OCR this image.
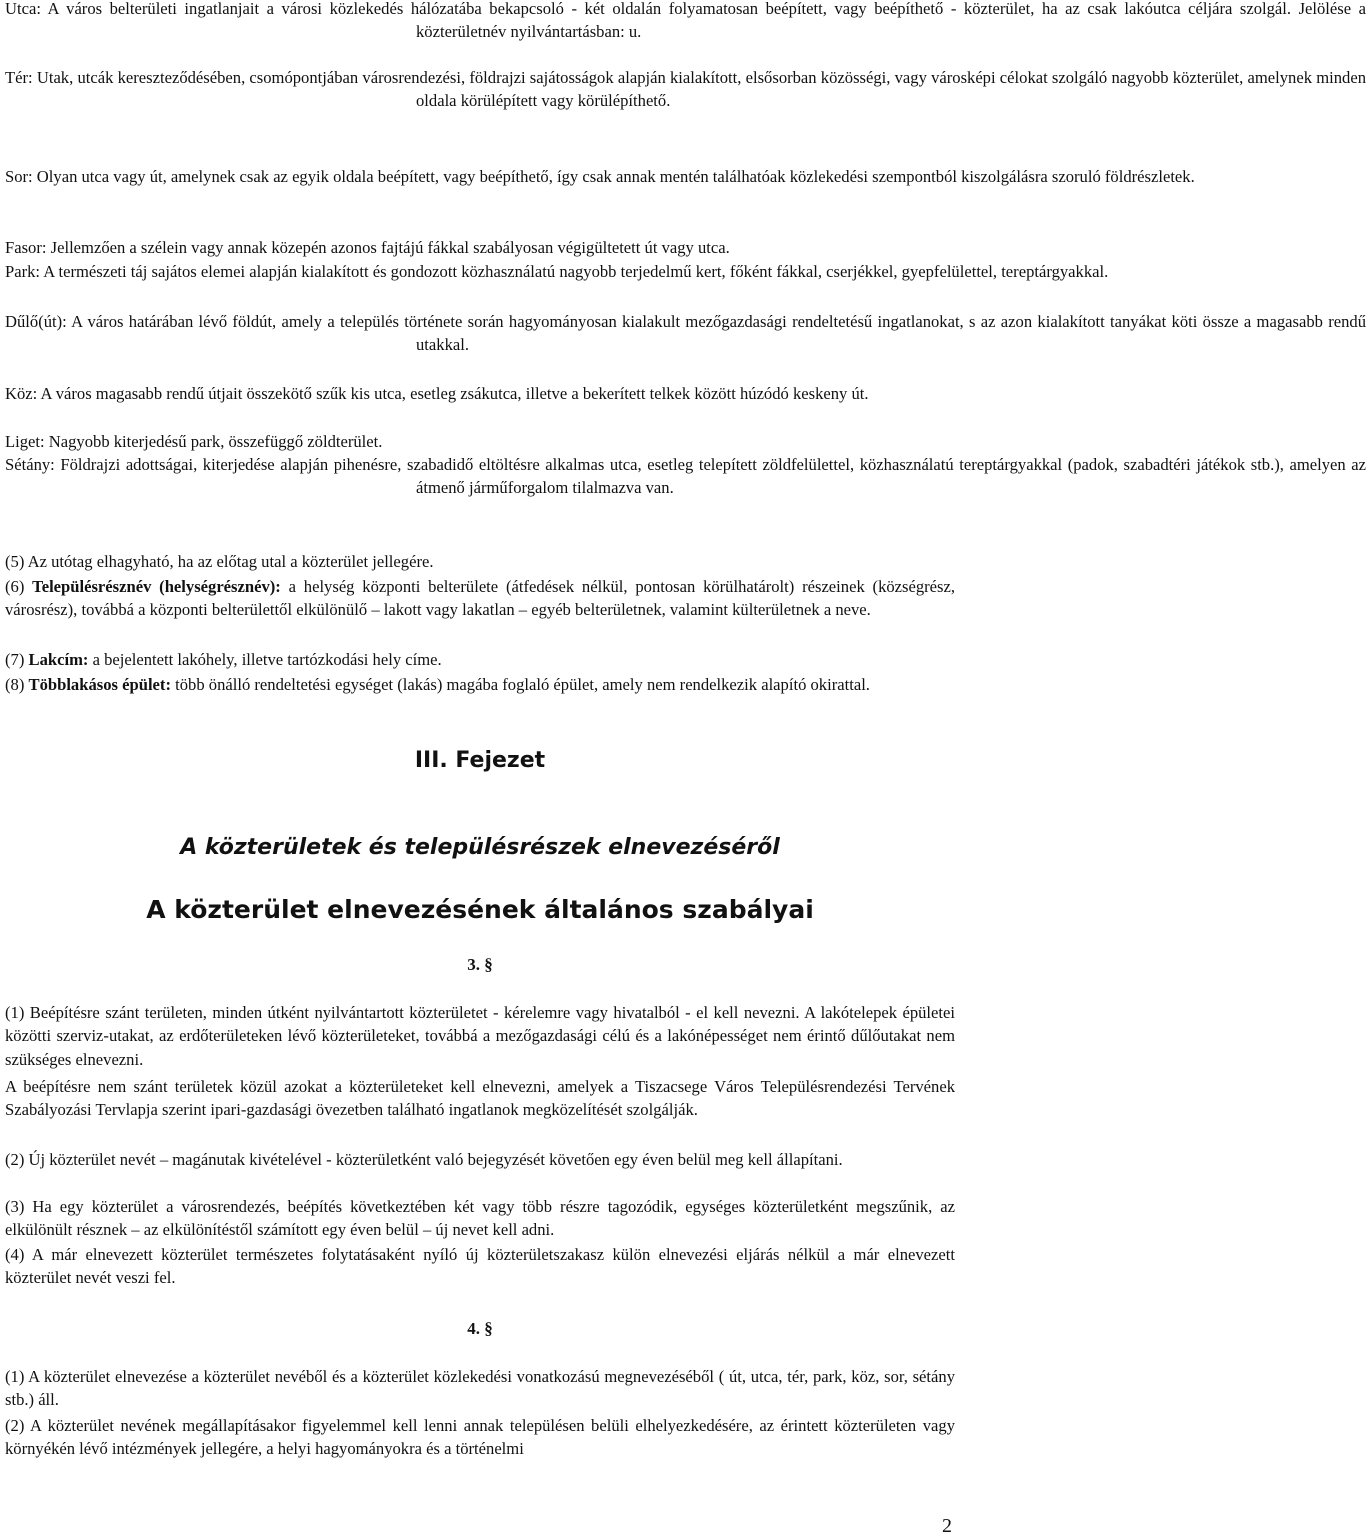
Utca: A város belterületi ingatlanjait a városi közlekedés hálózatába bekapcsoló - két oldalán folyamatosan beépített, vagy beépíthető - közterület, ha az csak lakóutca céljára szolgál. Jelölése a közterületnév nyilvántartásban: u.

Tér: Utak, utcák kereszteződésében, csomópontjában városrendezési, földrajzi sajátosságok alapján kialakított, elsősorban közösségi, vagy városképi célokat szolgáló nagyobb közterület, amelynek minden oldala körülépített vagy körülépíthető.

Sor: Olyan utca vagy út, amelynek csak az egyik oldala beépített, vagy beépíthető, így csak annak mentén találhatóak közlekedési szempontból kiszolgálásra szoruló földrészletek.

Fasor: Jellemzően a szélein vagy annak közepén azonos fajtájú fákkal szabályosan végigültetett út vagy utca.

Park: A természeti táj sajátos elemei alapján kialakított és gondozott közhasználatú nagyobb terjedelmű kert, főként fákkal, cserjékkel, gyepfelülettel, tereptárgyakkal.

Dűlő(út): A város határában lévő földút, amely a település története során hagyományosan kialakult mezőgazdasági rendeltetésű ingatlanokat, s az azon kialakított tanyákat köti össze a magasabb rendű utakkal.

Köz: A város magasabb rendű útjait összekötő szűk kis utca, esetleg zsákutca, illetve a bekerített telkek között húzódó keskeny út.

Liget: Nagyobb kiterjedésű park, összefüggő zöldterület.

Sétány: Földrajzi adottságai, kiterjedése alapján pihenésre, szabadidő eltöltésre alkalmas utca, esetleg telepített zöldfelülettel, közhasználatú tereptárgyakkal (padok, szabadtéri játékok stb.), amelyen az átmenő járműforgalom tilalmazva van.

(5) Az utótag elhagyható, ha az előtag utal a közterület jellegére.

(6) Településrésznév (helységrésznév): a helység központi belterülete (átfedések nélkül, pontosan körülhatárolt) részeinek (községrész, városrész), továbbá a központi belterülettől elkülönülő – lakott vagy lakatlan – egyéb belterületnek, valamint külterületnek a neve.

(7) Lakcím: a bejelentett lakóhely, illetve tartózkodási hely címe.

(8) Többlakásos épület: több önálló rendeltetési egységet (lakás) magába foglaló épület, amely nem rendelkezik alapító okirattal.

III. Fejezet
A közterületek és településrészek elnevezéséről
A közterület elnevezésének általános szabályai
3. §

(1) Beépítésre szánt területen, minden útként nyilvántartott közterületet - kérelemre vagy hivatalból - el kell nevezni. A lakótelepek épületei közötti szerviz-utakat, az erdőterületeken lévő közterületeket, továbbá a mezőgazdasági célú és a lakónépességet nem érintő dűlőutakat nem szükséges elnevezni.

A beépítésre nem szánt területek közül azokat a közterületeket kell elnevezni, amelyek a Tiszacsege Város Településrendezési Tervének Szabályozási Tervlapja szerint ipari-gazdasági övezetben található ingatlanok megközelítését szolgálják.

(2) Új közterület nevét – magánutak kivételével - közterületként való bejegyzését követően egy éven belül meg kell állapítani.

(3) Ha egy közterület a városrendezés, beépítés következtében két vagy több részre tagozódik, egységes közterületként megszűnik, az elkülönült résznek – az elkülönítéstől számított egy éven belül – új nevet kell adni.

(4) A már elnevezett közterület természetes folytatásaként nyíló új közterületszakasz külön elnevezési eljárás nélkül a már elnevezett közterület nevét veszi fel.

4. §

(1) A közterület elnevezése a közterület nevéből és a közterület közlekedési vonatkozású megnevezéséből ( út, utca, tér, park, köz, sor, sétány stb.) áll.

(2) A közterület nevének megállapításakor figyelemmel kell lenni annak településen belüli elhelyezkedésére, az érintett közterületen vagy környékén lévő intézmények jellegére, a helyi hagyományokra és a történelmi

2
